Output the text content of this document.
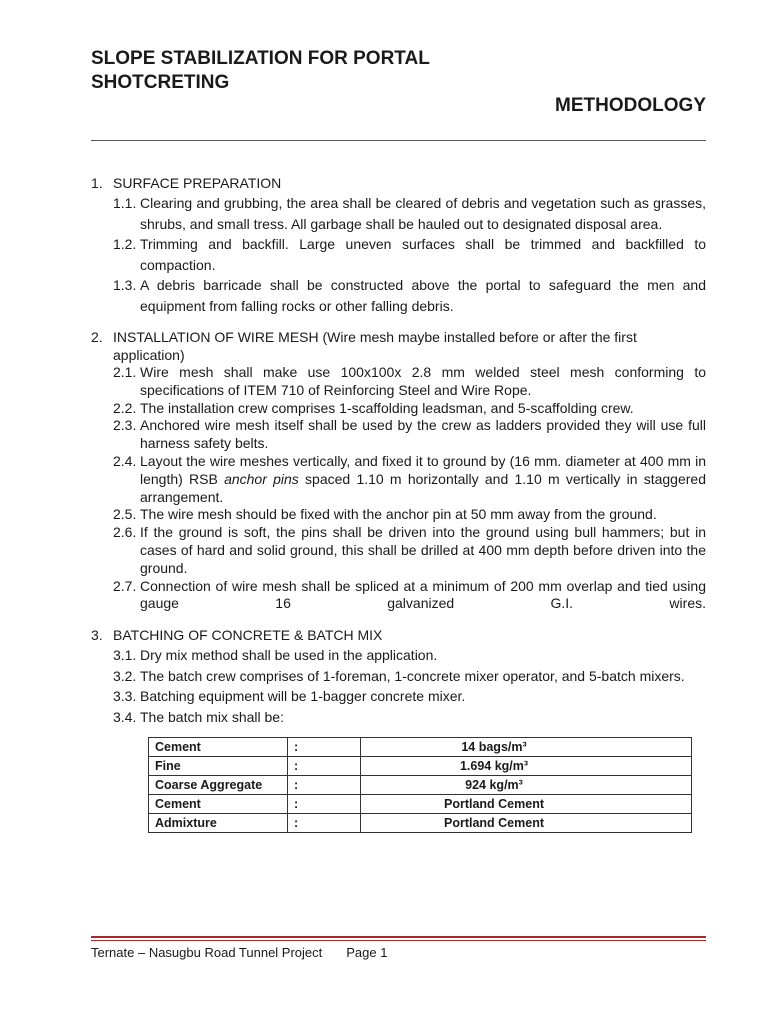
SLOPE STABILIZATION FOR PORTAL
SHOTCRETING
METHODOLOGY
1. SURFACE PREPARATION
1.1. Clearing and grubbing, the area shall be cleared of debris and vegetation such as grasses, shrubs, and small tress. All garbage shall be hauled out to designated disposal area.
1.2. Trimming and backfill. Large uneven surfaces shall be trimmed and backfilled to compaction.
1.3. A debris barricade shall be constructed above the portal to safeguard the men and equipment from falling rocks or other falling debris.
2. INSTALLATION OF WIRE MESH (Wire mesh maybe installed before or after the first application)
2.1. Wire mesh shall make use 100x100x 2.8 mm welded steel mesh conforming to specifications of ITEM 710 of Reinforcing Steel and Wire Rope.
2.2. The installation crew comprises 1-scaffolding leadsman, and 5-scaffolding crew.
2.3. Anchored wire mesh itself shall be used by the crew as ladders provided they will use full harness safety belts.
2.4. Layout the wire meshes vertically, and fixed it to ground by (16 mm. diameter at 400 mm in length) RSB anchor pins spaced 1.10 m horizontally and 1.10 m vertically in staggered arrangement.
2.5. The wire mesh should be fixed with the anchor pin at 50 mm away from the ground.
2.6. If the ground is soft, the pins shall be driven into the ground using bull hammers; but in cases of hard and solid ground, this shall be drilled at 400 mm depth before driven into the ground.
2.7. Connection of wire mesh shall be spliced at a minimum of 200 mm overlap and tied using gauge 16 galvanized G.I. wires.
3. BATCHING OF CONCRETE & BATCH MIX
3.1. Dry mix method shall be used in the application.
3.2. The batch crew comprises of 1-foreman, 1-concrete mixer operator, and 5-batch mixers.
3.3. Batching equipment will be 1-bagger concrete mixer.
3.4. The batch mix shall be:
Cement	:	14 bags/m³
Fine	:	1.694 kg/m³
Coarse Aggregate	:	924 kg/m³
Cement	:	Portland Cement
Admixture	:	Portland Cement
Ternate – Nasugbu Road Tunnel Project Page 1
